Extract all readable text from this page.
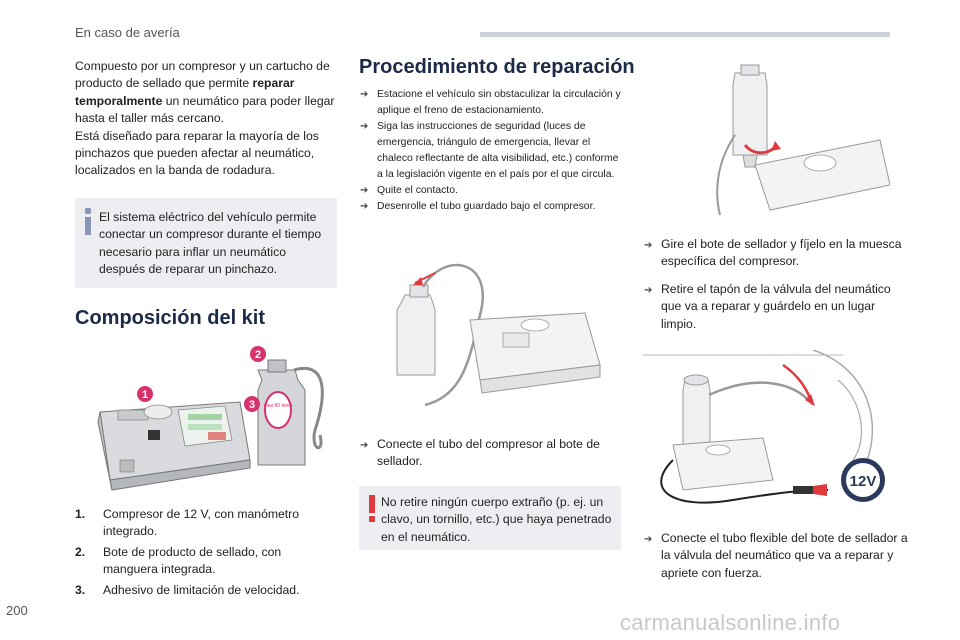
En caso de avería

Compuesto por un compresor y un cartucho de producto de sellado que permite reparar temporalmente un neumático para poder llegar hasta el taller más cercano.

Está diseñado para reparar la mayoría de los pinchazos que pueden afectar al neumático, localizados en la banda de rodadura.

El sistema eléctrico del vehículo permite conectar un compresor durante el tiempo necesario para inflar un neumático después de reparar un pinchazo.
Composición del kit
max 80 km/h
1
2
3
1. Compresor de 12 V, con manómetro integrado.
2. Bote de producto de sellado, con manguera integrada.
3. Adhesivo de limitación de velocidad.
Procedimiento de reparación
➔ Estacione el vehículo sin obstaculizar la circulación y aplique el freno de estacionamiento.
➔ Siga las instrucciones de seguridad (luces de emergencia, triángulo de emergencia, llevar el chaleco reflectante de alta visibilidad, etc.) conforme a la legislación vigente en el país por el que circula.
➔ Quite el contacto.
➔ Desenrolle el tubo guardado bajo el compresor.
➔ Conecte el tubo del compresor al bote de sellador.
No retire ningún cuerpo extraño (p. ej. un clavo, un tornillo, etc.) que haya penetrado en el neumático.
➔ Gire el bote de sellador y fíjelo en la muesca específica del compresor.
➔ Retire el tapón de la válvula del neumático que va a reparar y guárdelo en un lugar limpio.
12V
➔ Conecte el tubo flexible del bote de sellador a la válvula del neumático que va a reparar y apriete con fuerza.
200	carmanualsonline.info
